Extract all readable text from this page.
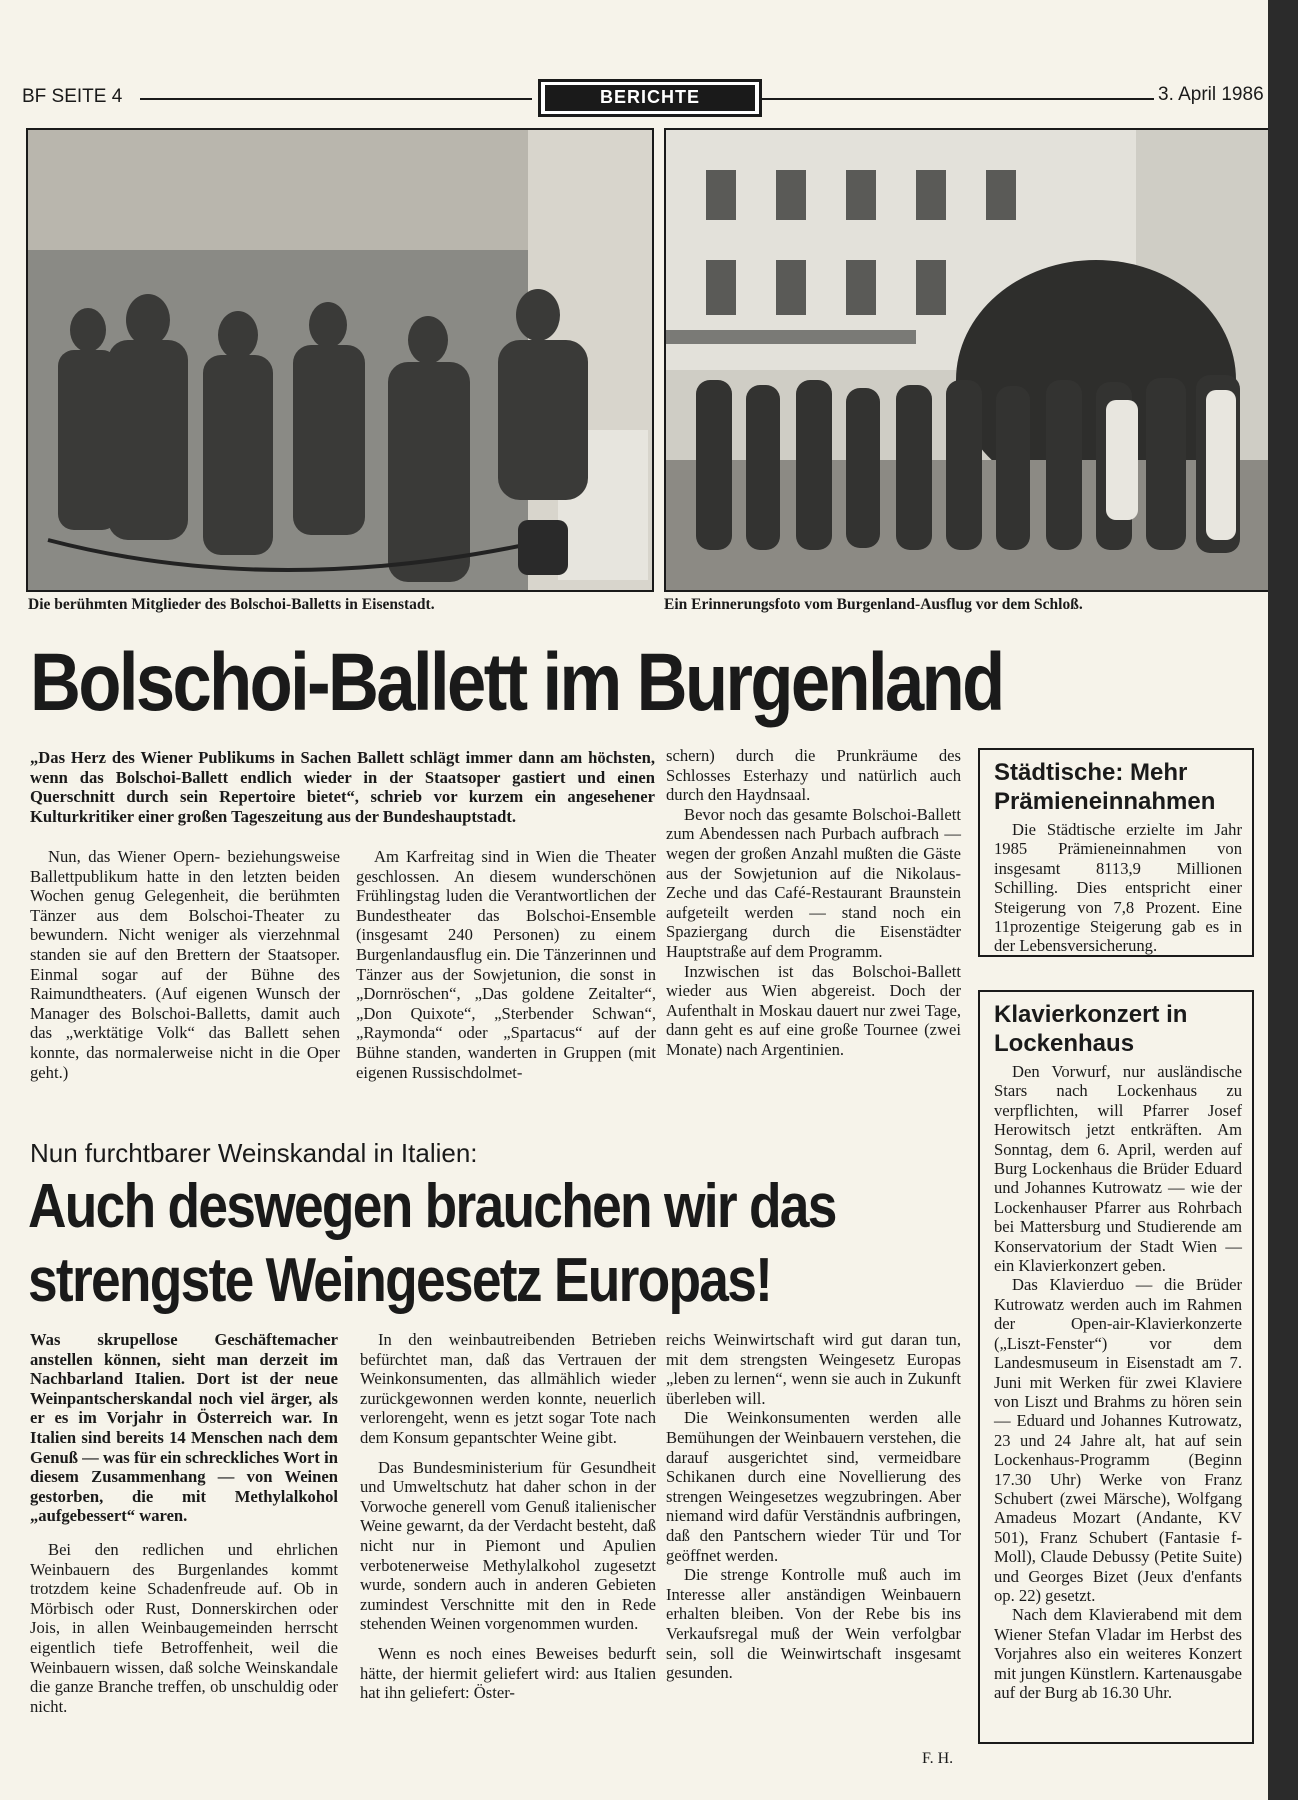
BF SEITE 4	BERICHTE	3. April 1986
Die berühmten Mitglieder des Bolschoi-Balletts in Eisenstadt.	Ein Erinnerungsfoto vom Burgenland-Ausflug vor dem Schloß.
Bolschoi-Ballett im Burgenland

„Das Herz des Wiener Publikums in Sachen Ballett schlägt immer dann am höchsten, wenn das Bolschoi-Ballett endlich wieder in der Staatsoper gastiert und einen Querschnitt durch sein Repertoire bietet“, schrieb vor kurzem ein angesehener Kulturkritiker einer großen Tageszeitung aus der Bundeshauptstadt.

Nun, das Wiener Opern- beziehungsweise Ballettpublikum hatte in den letzten beiden Wochen genug Gelegenheit, die berühmten Tänzer aus dem Bolschoi-Theater zu bewundern. Nicht weniger als vierzehnmal standen sie auf den Brettern der Staatsoper. Einmal sogar auf der Bühne des Raimundtheaters. (Auf eigenen Wunsch der Manager des Bolschoi-Balletts, damit auch das „werktätige Volk“ das Ballett sehen konnte, das normalerweise nicht in die Oper geht.)

Am Karfreitag sind in Wien die Theater geschlossen. An diesem wunderschönen Frühlingstag luden die Verantwortlichen der Bundestheater das Bolschoi-Ensemble (insgesamt 240 Personen) zu einem Burgenlandausflug ein. Die Tänzerinnen und Tänzer aus der Sowjetunion, die sonst in „Dornröschen“, „Das goldene Zeitalter“, „Don Quixote“, „Sterbender Schwan“, „Raymonda“ oder „Spartacus“ auf der Bühne standen, wanderten in Gruppen (mit eigenen Russischdolmet-

schern) durch die Prunkräume des Schlosses Esterhazy und natürlich auch durch den Haydnsaal.

Bevor noch das gesamte Bolschoi-Ballett zum Abendessen nach Purbach aufbrach — wegen der großen Anzahl mußten die Gäste aus der Sowjetunion auf die Nikolaus-Zeche und das Café-Restaurant Braunstein aufgeteilt werden — stand noch ein Spaziergang durch die Eisenstädter Hauptstraße auf dem Programm.

Inzwischen ist das Bolschoi-Ballett wieder aus Wien abgereist. Doch der Aufenthalt in Moskau dauert nur zwei Tage, dann geht es auf eine große Tournee (zwei Monate) nach Argentinien.

Städtische: Mehr Prämieneinnahmen

Die Städtische erzielte im Jahr 1985 Prämieneinnahmen von insgesamt 8113,9 Millionen Schilling. Dies entspricht einer Steigerung von 7,8 Prozent. Eine 11prozentige Steigerung gab es in der Lebensversicherung.

Klavierkonzert in Lockenhaus

Den Vorwurf, nur ausländische Stars nach Lockenhaus zu verpflichten, will Pfarrer Josef Herowitsch jetzt entkräften. Am Sonntag, dem 6. April, werden auf Burg Lockenhaus die Brüder Eduard und Johannes Kutrowatz — wie der Lockenhauser Pfarrer aus Rohrbach bei Mattersburg und Studierende am Konservatorium der Stadt Wien — ein Klavierkonzert geben.

Das Klavierduo — die Brüder Kutrowatz werden auch im Rahmen der Open-air-Klavierkonzerte („Liszt-Fenster“) vor dem Landesmuseum in Eisenstadt am 7. Juni mit Werken für zwei Klaviere von Liszt und Brahms zu hören sein — Eduard und Johannes Kutrowatz, 23 und 24 Jahre alt, hat auf sein Lockenhaus-Programm (Beginn 17.30 Uhr) Werke von Franz Schubert (zwei Märsche), Wolfgang Amadeus Mozart (Andante, KV 501), Franz Schubert (Fantasie f-Moll), Claude Debussy (Petite Suite) und Georges Bizet (Jeux d'enfants op. 22) gesetzt.

Nach dem Klavierabend mit dem Wiener Stefan Vladar im Herbst des Vorjahres also ein weiteres Konzert mit jungen Künstlern. Kartenausgabe auf der Burg ab 16.30 Uhr.

Nun furchtbarer Weinskandal in Italien:
Auch deswegen brauchen wir das
strengste Weingesetz Europas!

Was skrupellose Geschäftemacher anstellen können, sieht man derzeit im Nachbarland Italien. Dort ist der neue Weinpantscherskandal noch viel ärger, als er es im Vorjahr in Österreich war. In Italien sind bereits 14 Menschen nach dem Genuß — was für ein schreckliches Wort in diesem Zusammenhang — von Weinen gestorben, die mit Methylalkohol „aufgebessert“ waren.

Bei den redlichen und ehrlichen Weinbauern des Burgenlandes kommt trotzdem keine Schadenfreude auf. Ob in Mörbisch oder Rust, Donnerskirchen oder Jois, in allen Weinbaugemeinden herrscht eigentlich tiefe Betroffenheit, weil die Weinbauern wissen, daß solche Weinskandale die ganze Branche treffen, ob unschuldig oder nicht.

In den weinbautreibenden Betrieben befürchtet man, daß das Vertrauen der Weinkonsumenten, das allmählich wieder zurückgewonnen werden konnte, neuerlich verlorengeht, wenn es jetzt sogar Tote nach dem Konsum gepantschter Weine gibt.

Das Bundesministerium für Gesundheit und Umweltschutz hat daher schon in der Vorwoche generell vom Genuß italienischer Weine gewarnt, da der Verdacht besteht, daß nicht nur in Piemont und Apulien verbotenerweise Methylalkohol zugesetzt wurde, sondern auch in anderen Gebieten zumindest Verschnitte mit den in Rede stehenden Weinen vorgenommen wurden.

Wenn es noch eines Beweises bedurft hätte, der hiermit geliefert wird: aus Italien hat ihn geliefert: Öster-

reichs Weinwirtschaft wird gut daran tun, mit dem strengsten Weingesetz Europas „leben zu lernen“, wenn sie auch in Zukunft überleben will.

Die Weinkonsumenten werden alle Bemühungen der Weinbauern verstehen, die darauf ausgerichtet sind, vermeidbare Schikanen durch eine Novellierung des strengen Weingesetzes wegzubringen. Aber niemand wird dafür Verständnis aufbringen, daß den Pantschern wieder Tür und Tor geöffnet werden.

Die strenge Kontrolle muß auch im Interesse aller anständigen Weinbauern erhalten bleiben. Von der Rebe bis ins Verkaufsregal muß der Wein verfolgbar sein, soll die Weinwirtschaft insgesamt gesunden.

F. H.
